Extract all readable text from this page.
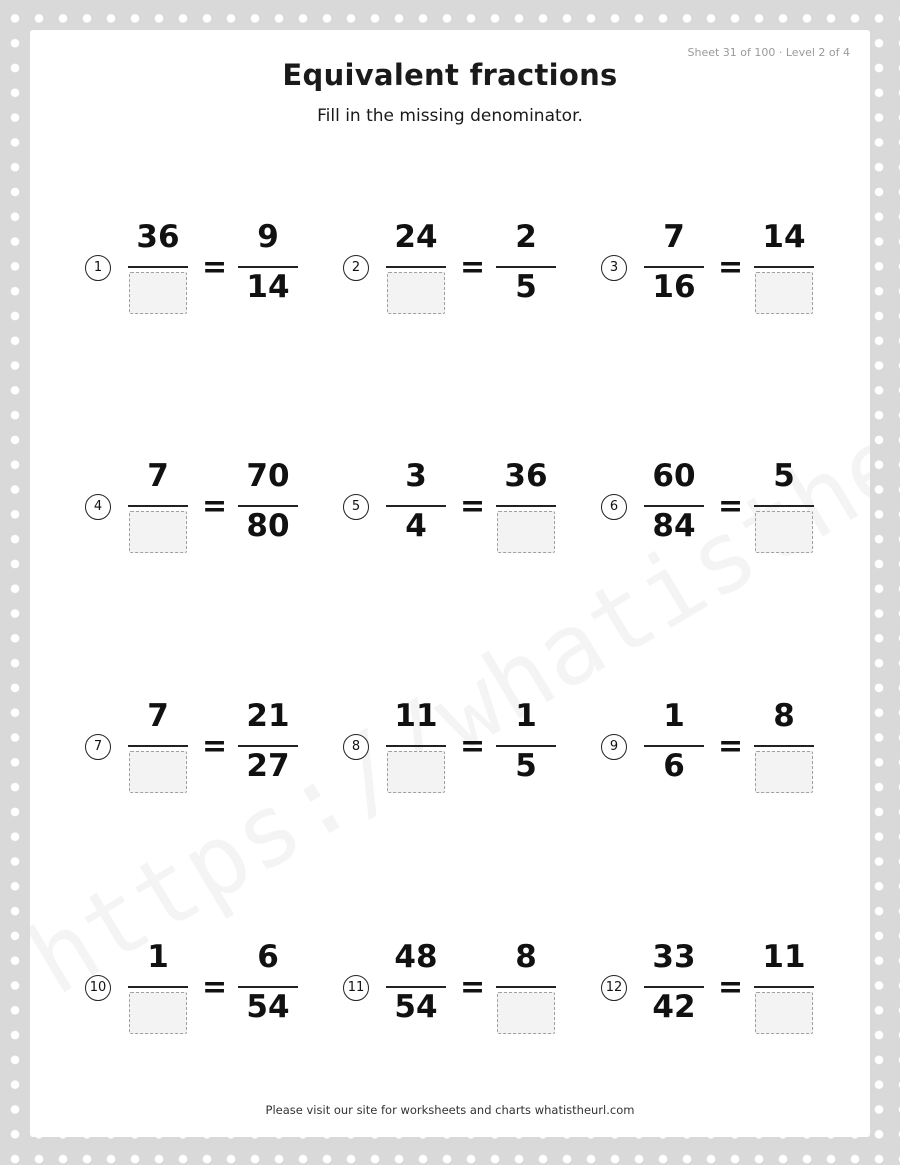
Sheet 31 of 100 · Level 2 of 4
Equivalent fractions
Fill in the missing denominator.
1
36
=
9
14
2
24
=
2
5
3
7
16
=
14
4
7
=
70
80
5
3
4
=
36
6
60
84
=
5
7
7
=
21
27
8
11
=
1
5
9
1
6
=
8
10
1
=
6
54
11
48
54
=
8
12
33
42
=
11
Please visit our site for worksheets and charts whatistheurl.com
